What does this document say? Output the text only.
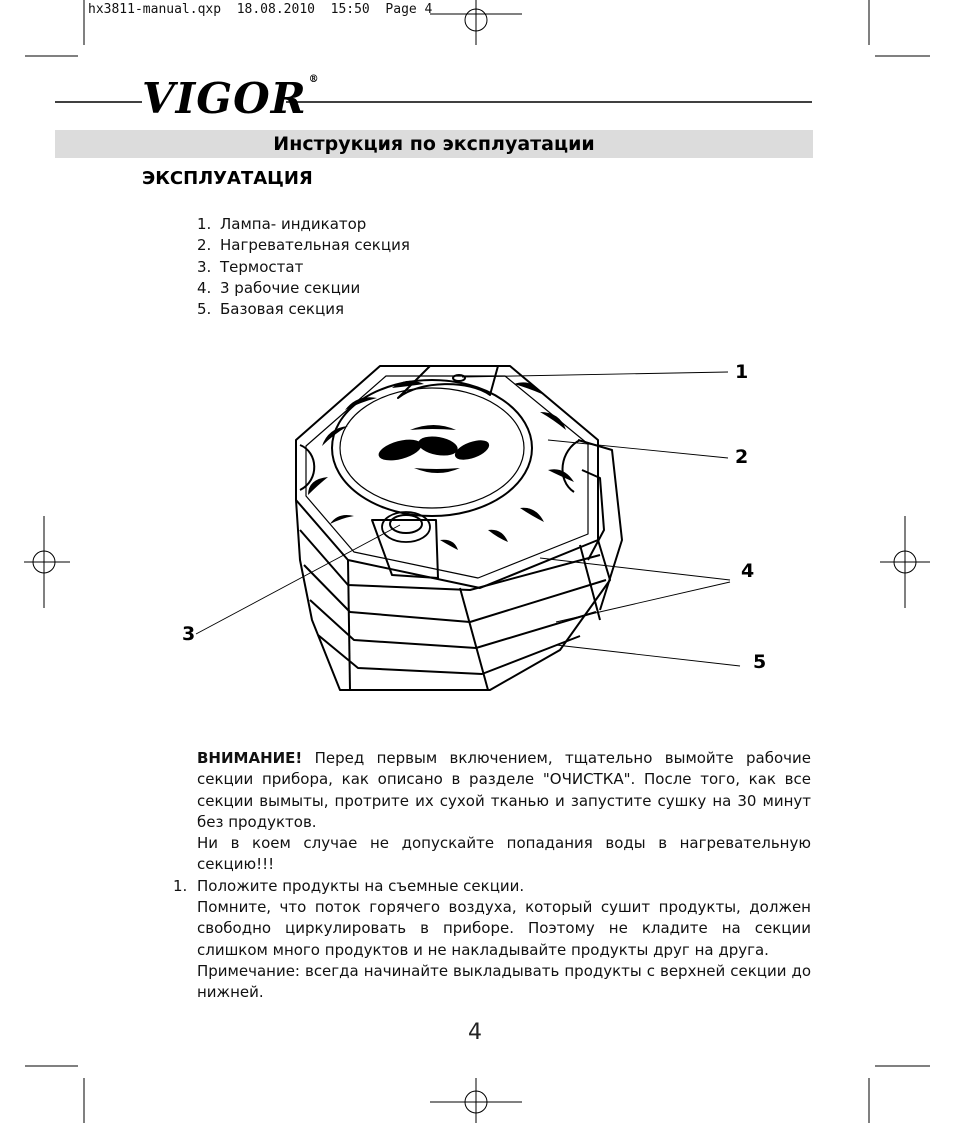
hx3811-manual.qxp  18.08.2010  15:50  Page 4
VIGOR ®
Инструкция по эксплуатации
ЭКСПЛУАТАЦИЯ
1. Лампа- индикатор
2. Нагревательная секция
3. Термостат
4. 3 рабочие секции
5. Базовая секция
1
2
3
4
5

ВНИМАНИЕ! Перед первым включением, тщательно вымойте рабочие секции прибора, как описано в разделе "ОЧИСТКА". После того, как все секции вымыты, протрите их сухой тканью и запустите сушку на 30 минут без продуктов.

Ни в коем случае не допускайте попадания воды в нагревательную секцию!!!

1. Положите продукты на съемные секции.

Помните, что поток горячего воздуха, который сушит продукты, должен свободно циркулировать в приборе. Поэтому не кладите на секции слишком много продуктов и не накладывайте продукты друг на друга.

Примечание: всегда начинайте выкладывать продукты с верхней секции до нижней.

4
